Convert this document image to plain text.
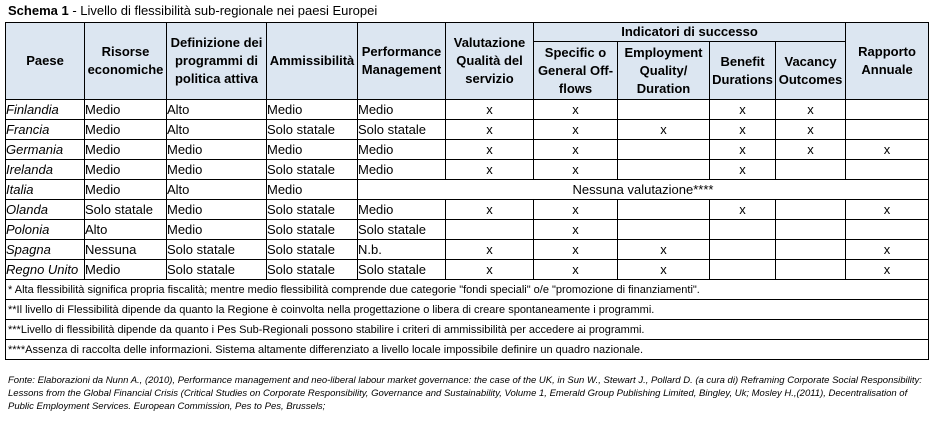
Schema 1 - Livello di flessibilità sub-regionale nei paesi Europei
Paese	Risorse economiche	Definizione dei programmi di politica attiva	Ammissibilità	Performance Management	Valutazione Qualità del servizio	Indicatori di successo				Rapporto Annuale
						Specific o General Off-flows	Employment Quality/ Duration	Benefit Durations	Vacancy Outcomes	
Finlandia	Medio	Alto	Medio	Medio	x	x		x	x	
Francia	Medio	Alto	Solo statale	Solo statale	x	x	x	x	x	
Germania	Medio	Medio	Medio	Medio	x	x		x	x	x
Irelanda	Medio	Medio	Solo statale	Medio	x	x		x		
Italia	Medio	Alto	Medio	Nessuna valutazione****						
Olanda	Solo statale	Medio	Solo statale	Medio	x	x		x		x
Polonia	Alto	Medio	Solo statale	Solo statale		x				
Spagna	Nessuna	Solo statale	Solo statale	N.b.	x	x	x			x
Regno Unito	Medio	Solo statale	Solo statale	Solo statale	x	x	x			x
* Alta flessibilità significa propria fiscalità; mentre medio flessibilità comprende due categorie "fondi speciali" o/e "promozione di finanziamenti".										
**Il livello di Flessibilità dipende da quanto la Regione è coinvolta nella progettazione o libera di creare spontaneamente i programmi.										
***Livello di flessibilità dipende da quanto i Pes Sub-Regionali possono stabilire i criteri di ammissibilità per accedere ai programmi.										
****Assenza di raccolta delle informazioni. Sistema altamente differenziato a livello locale impossibile definire un quadro nazionale.										
Fonte: Elaborazioni da Nunn A., (2010), Performance management and neo-liberal labour market governance: the case of the UK, in Sun W., Stewart J., Pollard D. (a cura di) Reframing Corporate Social Responsibility: Lessons from the Global Financial Crisis (Critical Studies on Corporate Responsibility, Governance and Sustainability, Volume 1, Emerald Group Publishing Limited, Bingley, Uk; Mosley H.,(2011), Decentralisation of Public Employment Services. European Commission, Pes to Pes, Brussels;
